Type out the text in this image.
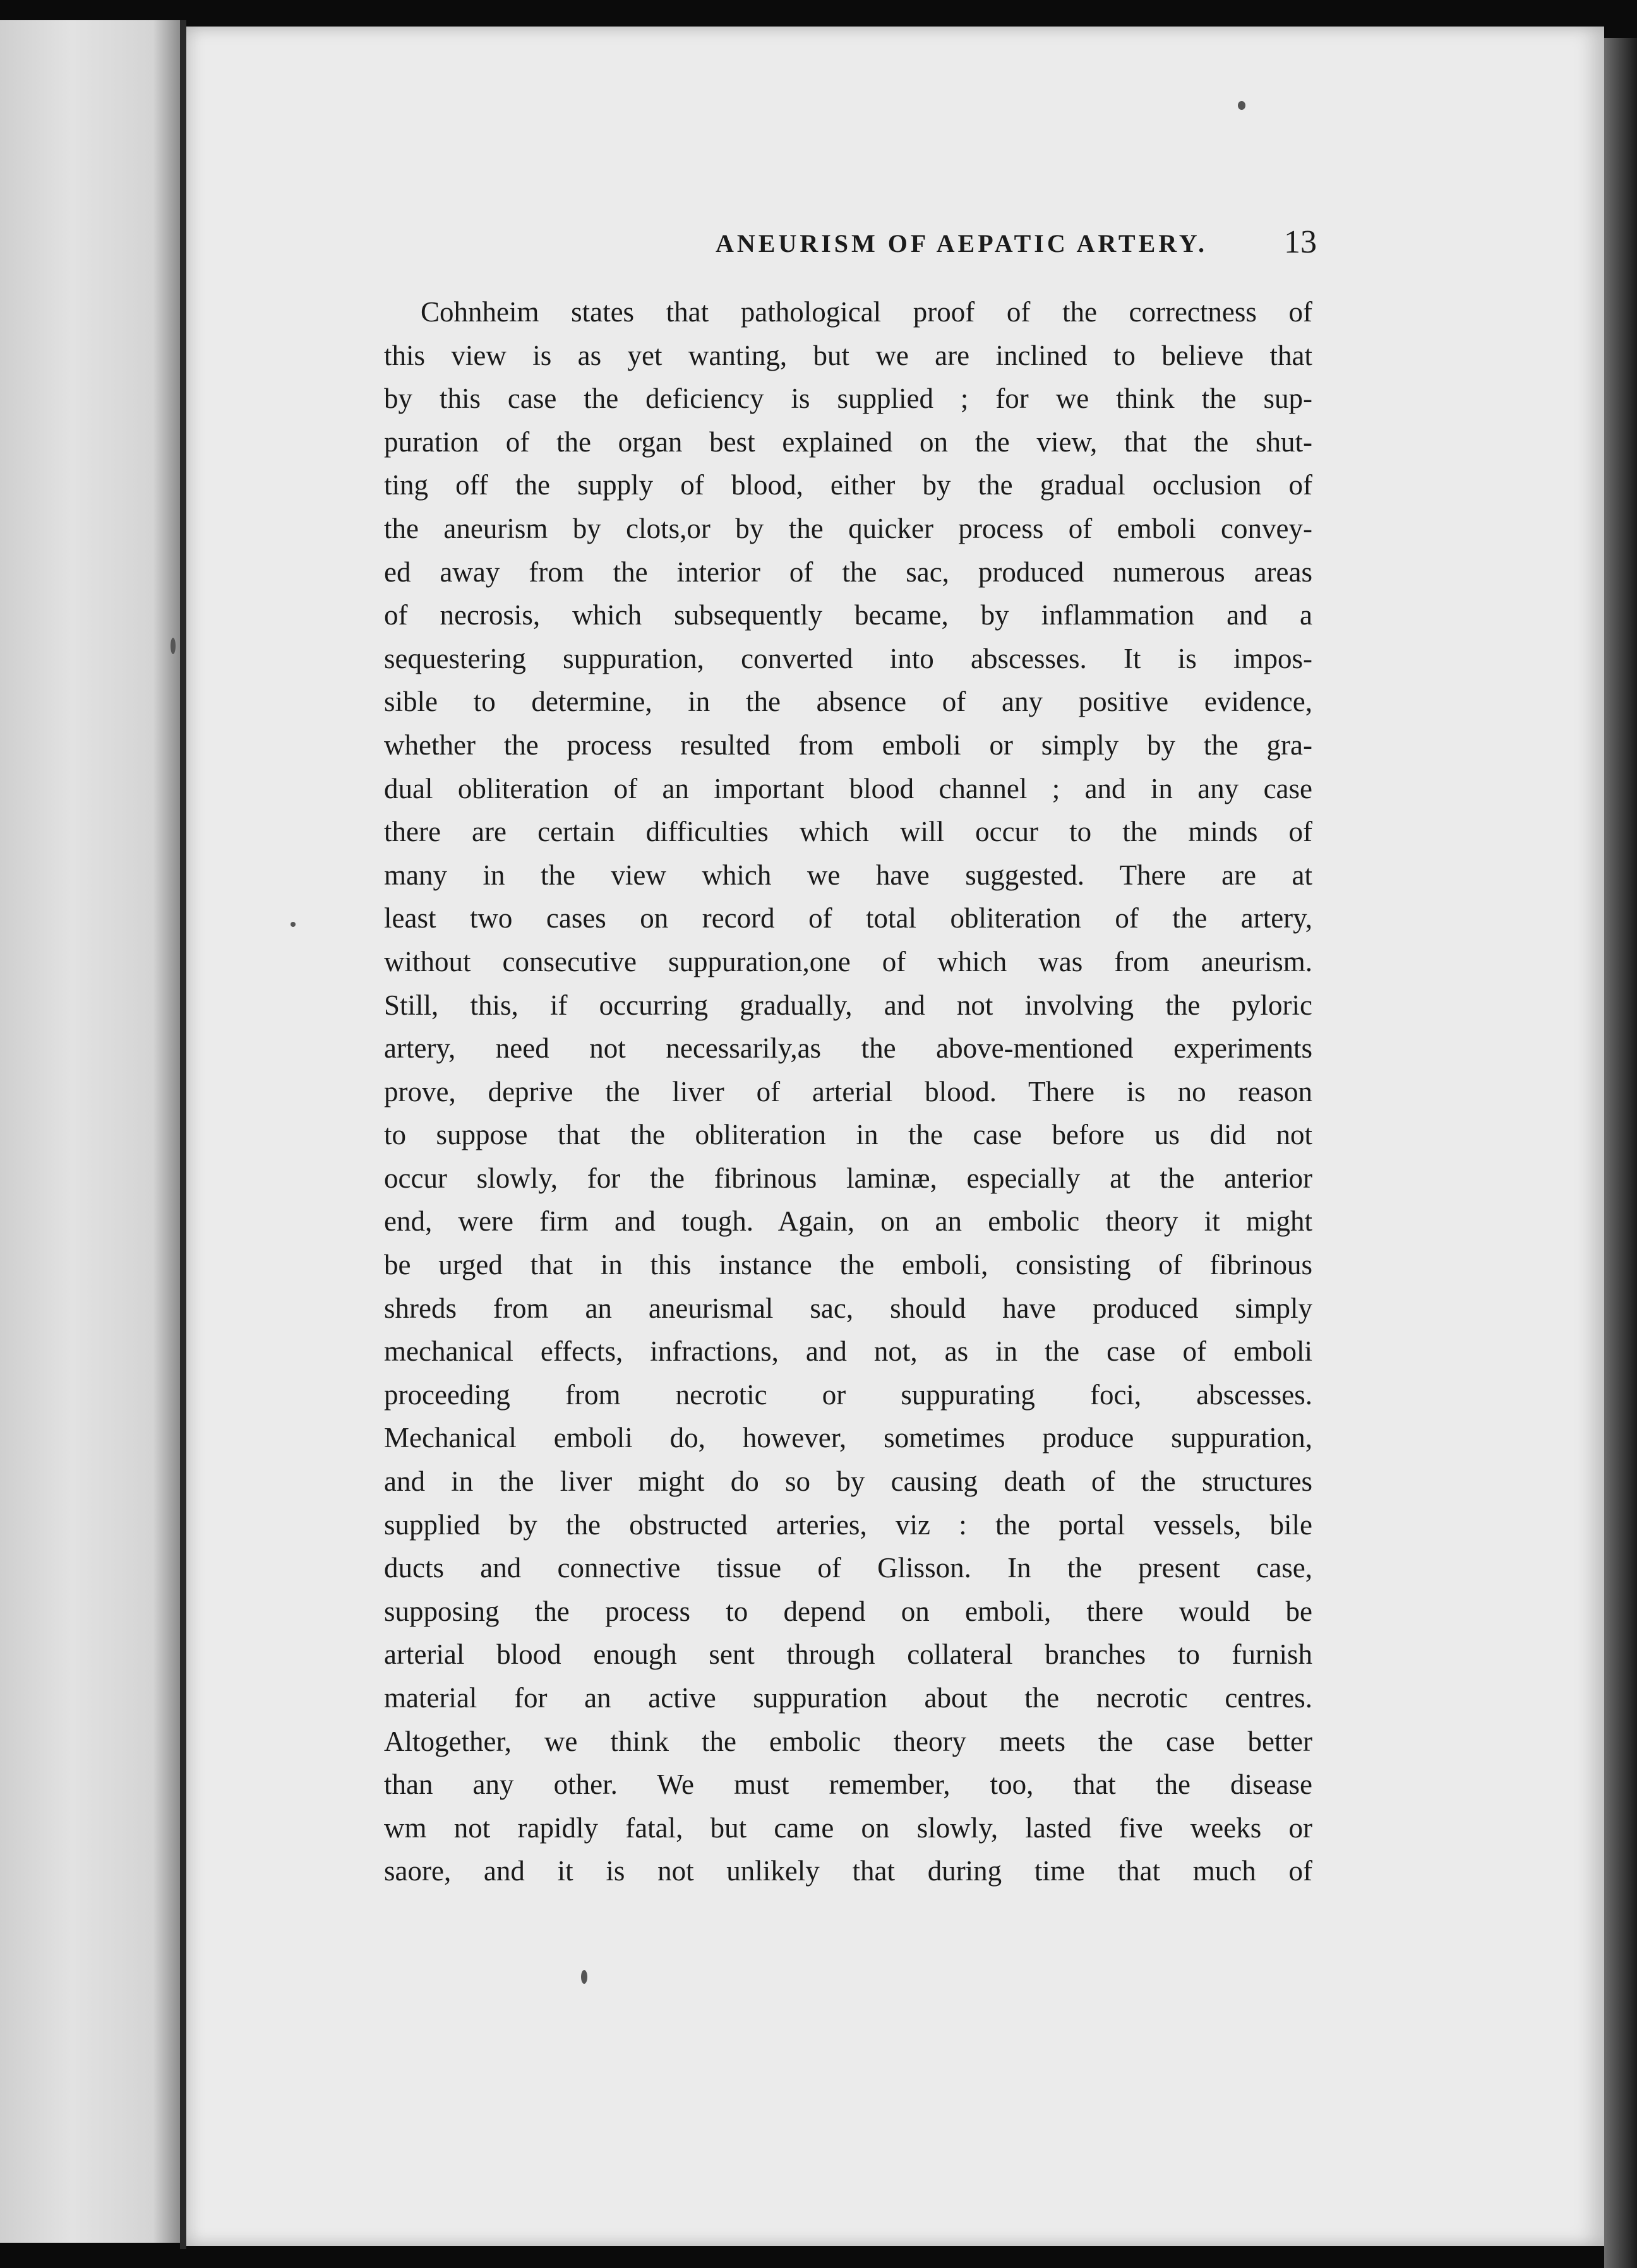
ANEURISM OF AEPATIC ARTERY.	13
Cohnheim states that pathological proof of the correctness of
this view is as yet wanting, but we are inclined to believe that
by this case the deficiency is supplied ; for we think the sup-
puration of the organ best explained on the view, that the shut-
ting off the supply of blood, either by the gradual occlusion of
the aneurism by clots,or by the quicker process of emboli convey-
ed away from the interior of the sac, produced numerous areas
of necrosis, which subsequently became, by inflammation and a
sequestering suppuration, converted into abscesses. It is impos-
sible to determine, in the absence of any positive evidence,
whether the process resulted from emboli or simply by the gra-
dual obliteration of an important blood channel ; and in any case
there are certain difficulties which will occur to the minds of
many in the view which we have suggested. There are at
least two cases on record of total obliteration of the artery,
without consecutive suppuration,one of which was from aneurism.
Still, this, if occurring gradually, and not involving the pyloric
artery, need not necessarily,as the above-mentioned experiments
prove, deprive the liver of arterial blood. There is no reason
to suppose that the obliteration in the case before us did not
occur slowly, for the fibrinous laminæ, especially at the anterior
end, were firm and tough. Again, on an embolic theory it might
be urged that in this instance the emboli, consisting of fibrinous
shreds from an aneurismal sac, should have produced simply
mechanical effects, infractions, and not, as in the case of emboli
proceeding from necrotic or suppurating foci, abscesses.
Mechanical emboli do, however, sometimes produce suppuration,
and in the liver might do so by causing death of the structures
supplied by the obstructed arteries, viz : the portal vessels, bile
ducts and connective tissue of Glisson. In the present case,
supposing the process to depend on emboli, there would be
arterial blood enough sent through collateral branches to furnish
material for an active suppuration about the necrotic centres.
Altogether, we think the embolic theory meets the case better
than any other. We must remember, too, that the disease
wm not rapidly fatal, but came on slowly, lasted five weeks or
saore, and it is not unlikely that during time that much of
